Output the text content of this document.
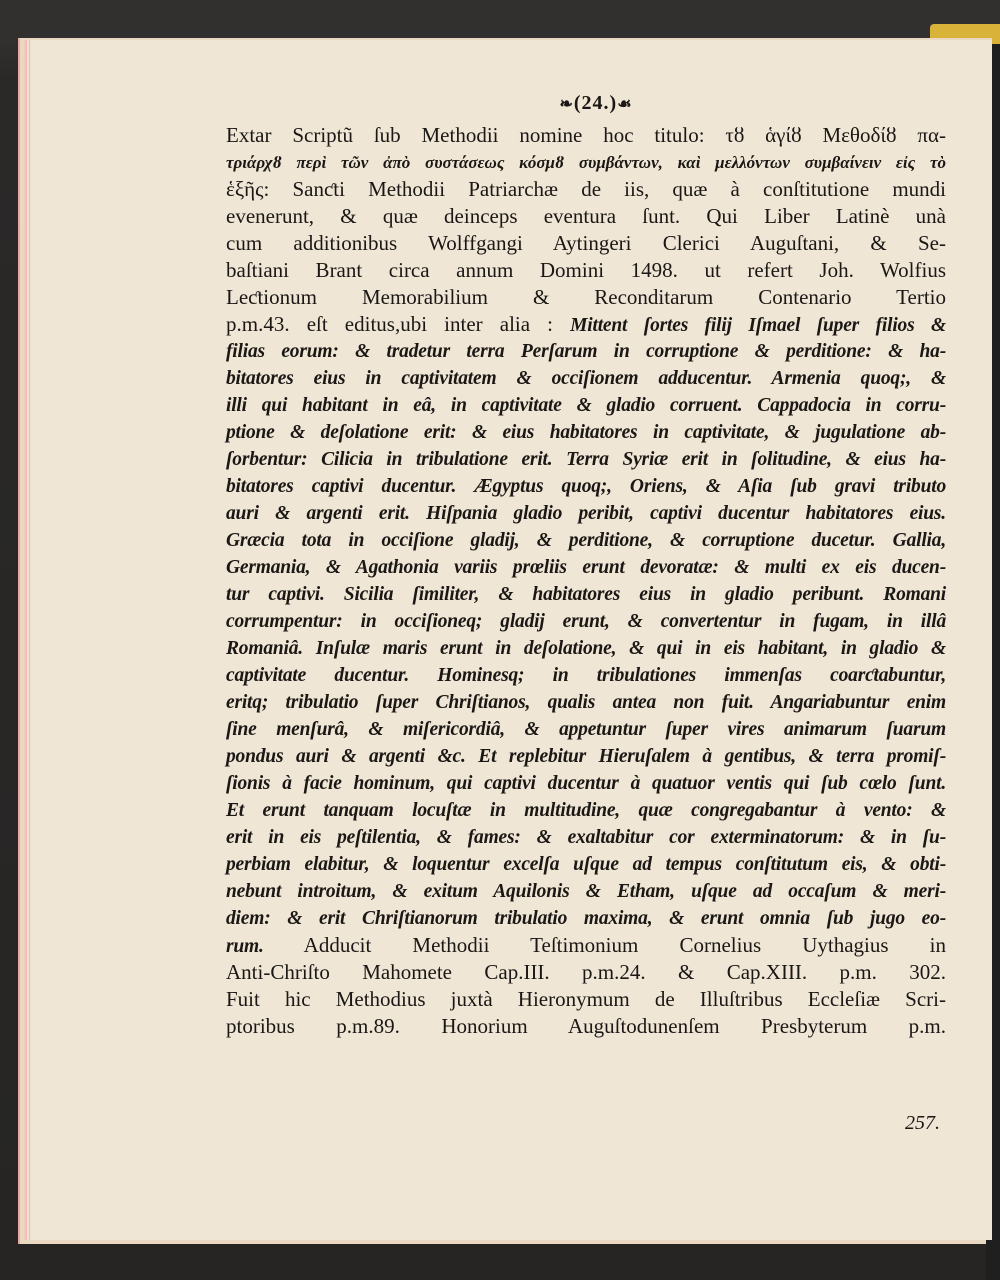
❧(24.)☙
Extar Scriptũ ſub Methodii nomine hoc titulo: τȣ ἁγίȣ Μεθοδίȣ πα-
τριάρχȣ περὶ τῶν ἀπὸ συστάσεως κόσμȣ συμβάντων, καὶ μελλόντων συμβαίνειν εἰς τὸ
ἑξῆς: Sanƈti Methodii Patriarchæ de iis, quæ à conſtitutione mundi
evenerunt, & quæ deinceps eventura ſunt. Qui Liber Latinè unà
cum additionibus Wolffgangi Aytingeri Clerici Auguſtani, & Se-
baſtiani Brant circa annum Domini 1498. ut refert Joh. Wolfius
Leƈtionum Memorabilium & Reconditarum Contenario Tertio
p.m.43. eſt editus,ubi inter alia : Mittent ſortes filij Iſmael ſuper filios &
filias eorum: & tradetur terra Perſarum in corruptione & perditione: & ha-
bitatores eius in captivitatem & occiſionem adducentur. Armenia quoq;, &
illi qui habitant in eâ, in captivitate & gladio corruent. Cappadocia in corru-
ptione & deſolatione erit: & eius habitatores in captivitate, & jugulatione ab-
ſorbentur: Cilicia in tribulatione erit. Terra Syriæ erit in ſolitudine, & eius ha-
bitatores captivi ducentur. Ægyptus quoq;, Oriens, & Aſia ſub gravi tributo
auri & argenti erit. Hiſpania gladio peribit, captivi ducentur habitatores eius.
Græcia tota in occiſione gladij, & perditione, & corruptione ducetur. Gallia,
Germania, & Agathonia variis prœliis erunt devoratæ: & multi ex eis ducen-
tur captivi. Sicilia ſimiliter, & habitatores eius in gladio peribunt. Romani
corrumpentur: in occiſioneq; gladij erunt, & convertentur in fugam, in illâ
Romaniâ. Inſulæ maris erunt in deſolatione, & qui in eis habitant, in gladio &
captivitate ducentur. Hominesq; in tribulationes immenſas coarƈtabuntur,
eritq; tribulatio ſuper Chriſtianos, qualis antea non fuit. Angariabuntur enim
ſine menſurâ, & miſericordiâ, & appetuntur ſuper vires animarum ſuarum
pondus auri & argenti &c. Et replebitur Hieruſalem à gentibus, & terra promiſ-
ſionis à facie hominum, qui captivi ducentur à quatuor ventis qui ſub cœlo ſunt.
Et erunt tanquam locuſtæ in multitudine, quæ congregabantur à vento: &
erit in eis peſtilentia, & fames: & exaltabitur cor exterminatorum: & in ſu-
perbiam elabitur, & loquentur excelſa uſque ad tempus conſtitutum eis, & obti-
nebunt introitum, & exitum Aquilonis & Etham, uſque ad occaſum & meri-
diem: & erit Chriſtianorum tribulatio maxima, & erunt omnia ſub jugo eo-
rum. Adducit Methodii Teſtimonium Cornelius Uythagius in
Anti-Chriſto Mahomete Cap.III. p.m.24. & Cap.XIII. p.m. 302.
Fuit hic Methodius juxtà Hieronymum de Illuſtribus Eccleſiæ Scri-
ptoribus p.m.89. Honorium Auguſtodunenſem Presbyterum p.m.
257.
